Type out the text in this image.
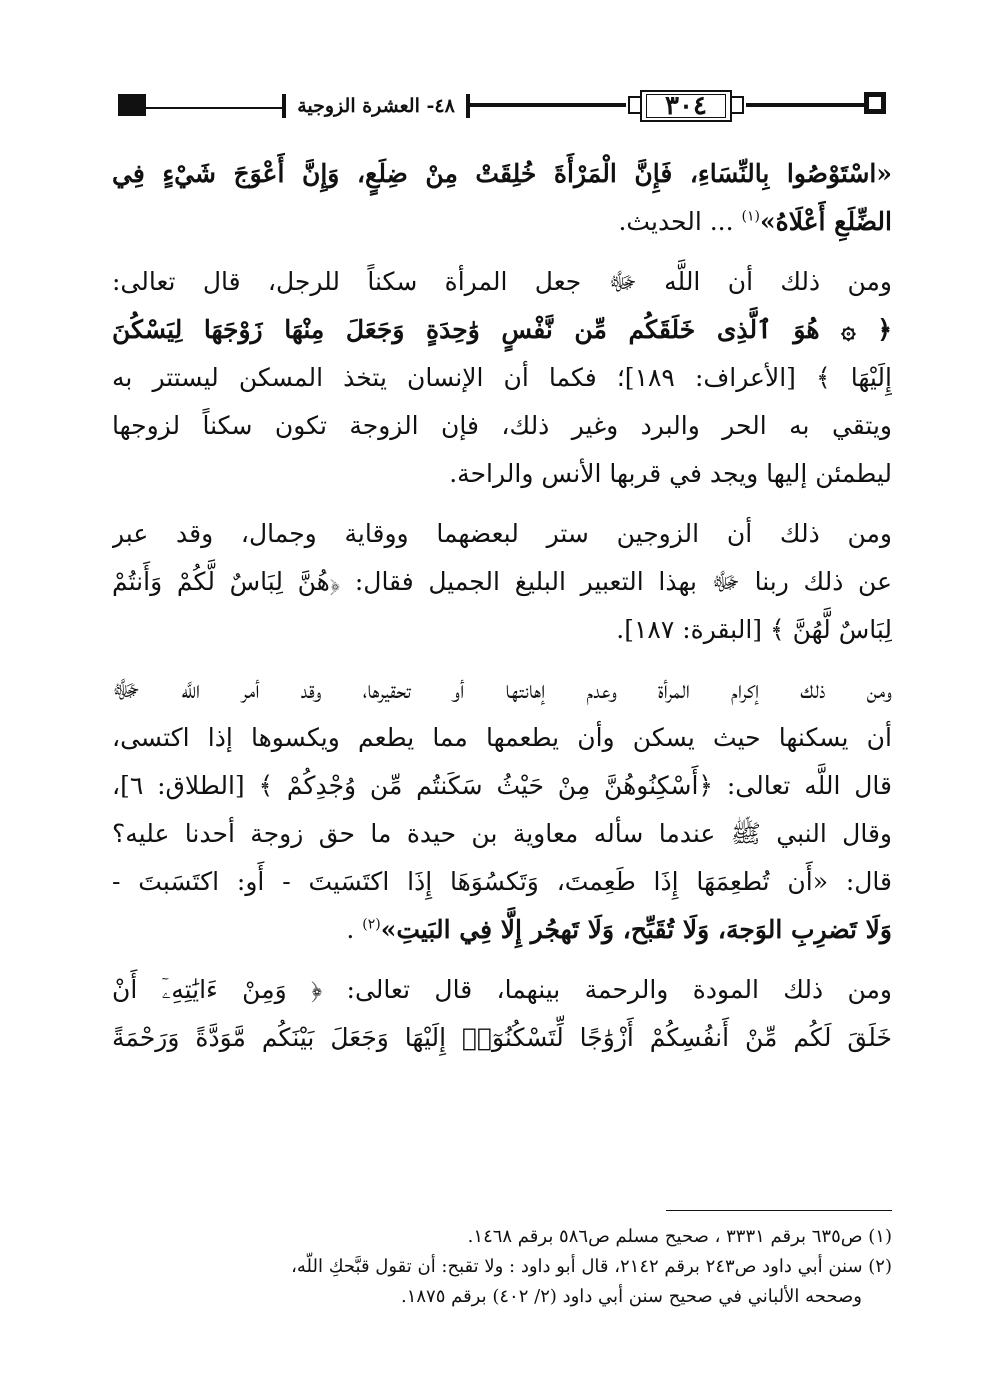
٣٠٤
٤٨- العشرة الزوجية
«اسْتَوْصُوا بِالنِّسَاءِ، فَإِنَّ الْمَرْأَةَ خُلِقَتْ مِنْ ضِلَعٍ، وَإِنَّ أَعْوَجَ شَيْءٍ فِي
الضِّلَعِ أَعْلَاهُ»$^{(١)}$ ... الحديث.
ومن ذلك أن اللَّه ﷻ جعل المرأة سكناً للرجل، قال تعالى:
﴿ ۞ هُوَ ٱلَّذِى خَلَقَكُم مِّن نَّفْسٍ وَٰحِدَةٍ وَجَعَلَ مِنْهَا زَوْجَهَا لِيَسْكُنَ
إِلَيْهَا ﴾ [الأعراف: ١٨٩]؛ فكما أن الإنسان يتخذ المسكن ليستتر به
ويتقي به الحر والبرد وغير ذلك، فإن الزوجة تكون سكناً لزوجها
ليطمئن إليها ويجد في قربها الأنس والراحة.
ومن ذلك أن الزوجين ستر لبعضهما ووقاية وجمال، وقد عبر
عن ذلك ربنا ﷻ بهذا التعبير البليغ الجميل فقال: ﴿هُنَّ لِبَاسٌ لَّكُمْ وَأَنتُمْ
لِبَاسٌ لَّهُنَّ ﴾ [البقرة: ١٨٧].
ومن ذلك إكرام المرأة وعدم إهانتها أو تحقيرها، وقد أمر اللَّه ﷻ
أن يسكنها حيث يسكن وأن يطعمها مما يطعم ويكسوها إذا اكتسى،
قال اللَّه تعالى: ﴿أَسْكِنُوهُنَّ مِنْ حَيْثُ سَكَنتُم مِّن وُجْدِكُمْ ﴾ [الطلاق: ٦]،
وقال النبي ﷺ عندما سأله معاوية بن حيدة ما حق زوجة أحدنا عليه؟
قال: «أَن تُطعِمَهَا إِذَا طَعِمتَ، وَتَكسُوَهَا إِذَا اكتَسَيتَ - أَو: اكتَسَبتَ -
وَلَا تَضرِبِ الوَجهَ، وَلَا تُقَبِّح، وَلَا تَهجُر إِلَّا فِي البَيتِ»$^{(٢)}$ .
ومن ذلك المودة والرحمة بينهما، قال تعالى: ﴿ وَمِنْ ءَايَٰتِهِۦٓ أَنْ
خَلَقَ لَكُم مِّنْ أَنفُسِكُمْ أَزْوَٰجًا لِّتَسْكُنُوٓا۟ إِلَيْهَا وَجَعَلَ بَيْنَكُم مَّوَدَّةً وَرَحْمَةً
(١) ص٦٣٥ برقم ٣٣٣١ ، صحيح مسلم ص٥٨٦ برقم ١٤٦٨.
(٢) سنن أبي داود ص٢٤٣ برقم ٢١٤٢، قال أبو داود : ولا تقبح: أن تقول قبَّحكِ اللَّه،
وصححه الألباني في صحيح سنن أبي داود (٢/ ٤٠٢) برقم ١٨٧٥.
